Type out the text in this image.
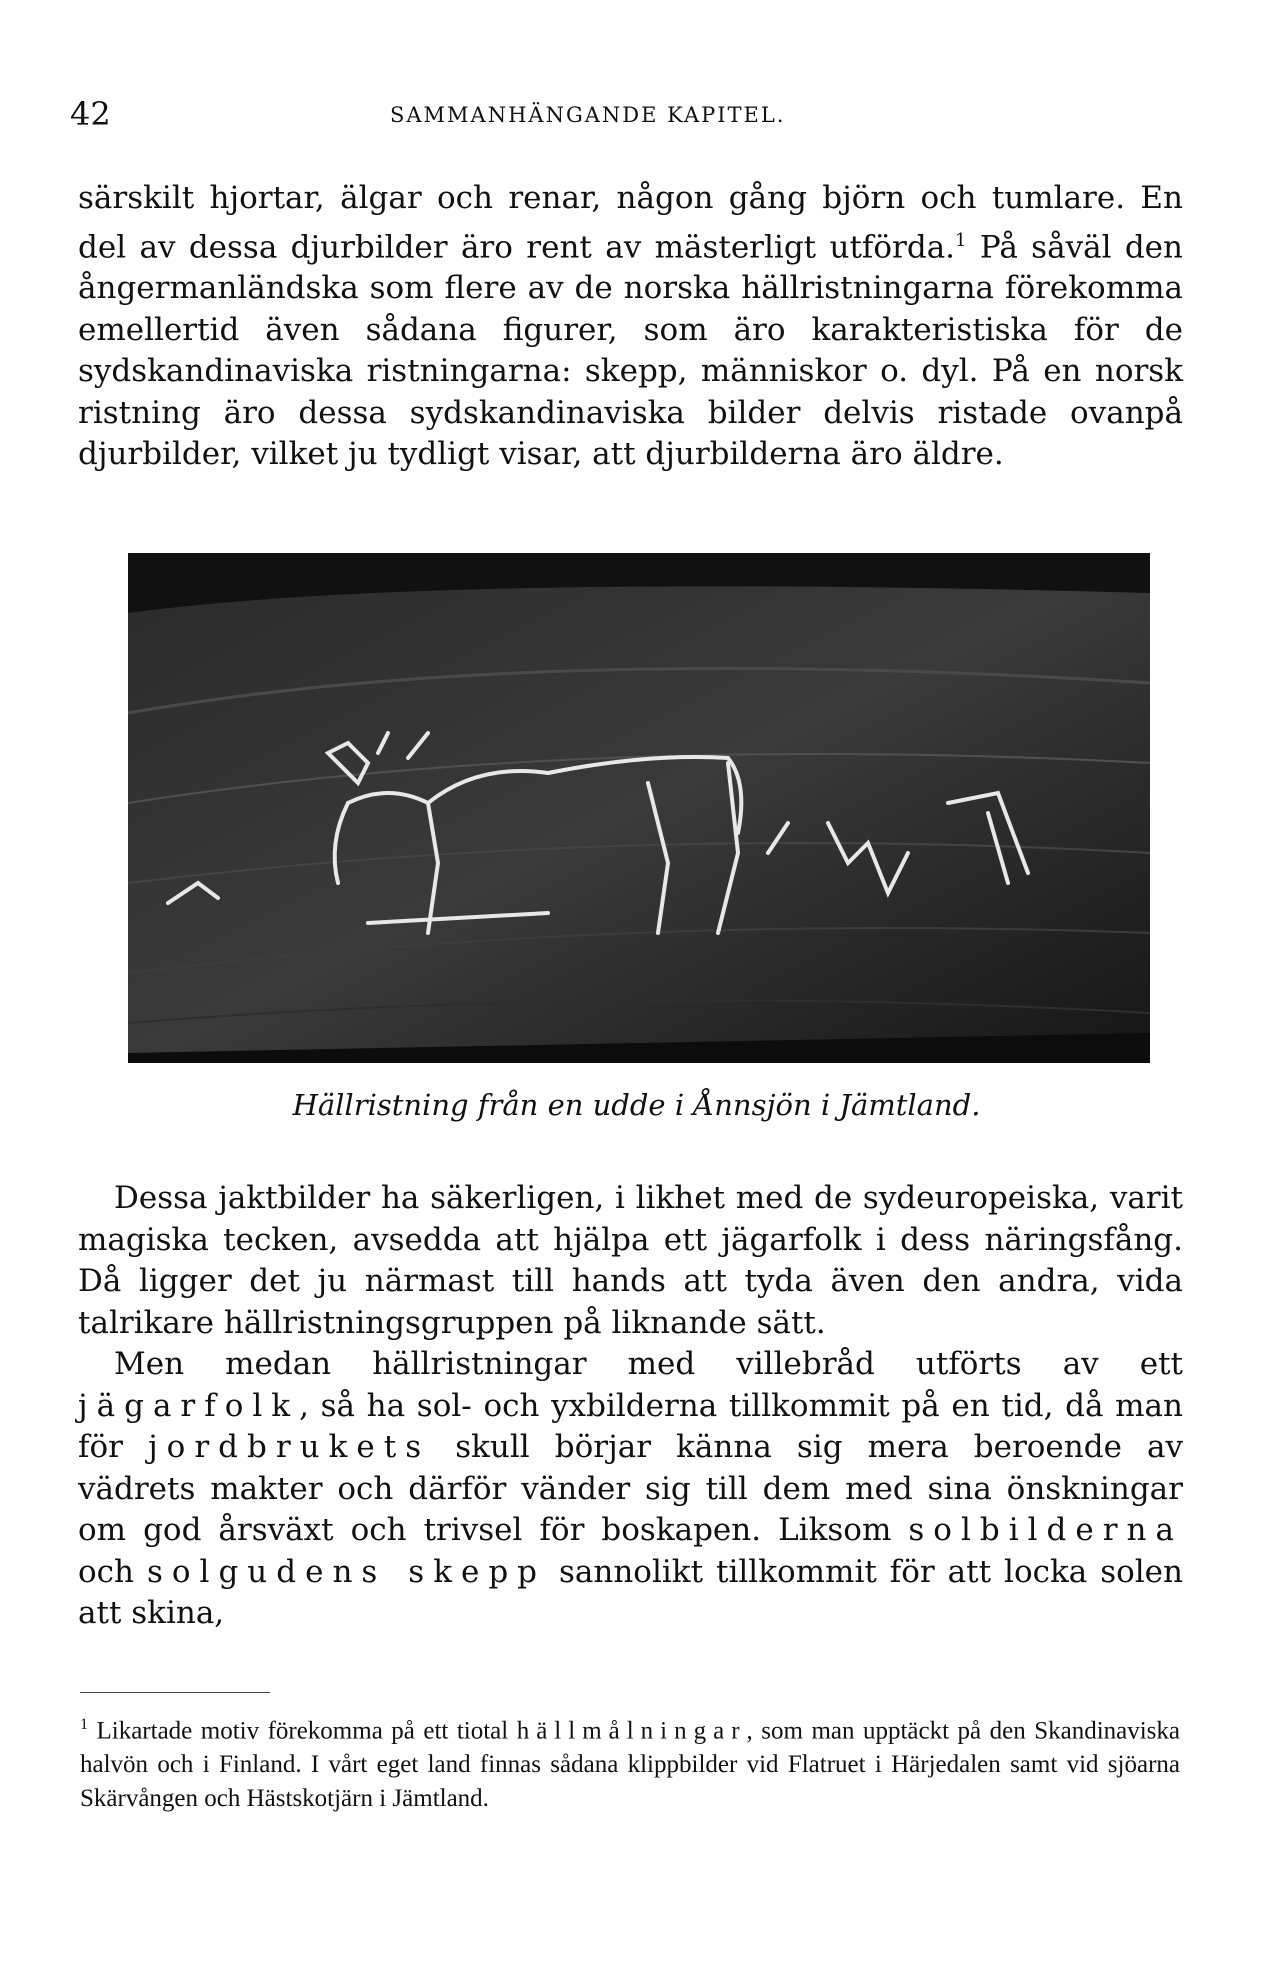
42	SAMMANHÄNGANDE KAPITEL.

särskilt hjortar, älgar och renar, någon gång björn och tumlare. En del av dessa djurbilder äro rent av mästerligt utförda.$^1$ På såväl den ångermanländska som flere av de norska hällristningarna förekomma emellertid även sådana figurer, som äro karakteristiska för de sydskandinaviska ristningarna: skepp, människor o. dyl. På en norsk ristning äro dessa sydskandinaviska bilder delvis ristade ovanpå djurbilder, vilket ju tydligt visar, att djurbilderna äro äldre.

Hällristning från en udde i Ånnsjön i Jämtland.

Dessa jaktbilder ha säkerligen, i likhet med de sydeuropeiska, varit magiska tecken, avsedda att hjälpa ett jägarfolk i dess näringsfång. Då ligger det ju närmast till hands att tyda även den andra, vida talrikare hällristningsgruppen på liknande sätt.

Men medan hällristningar med villebråd utförts av ett jägarfolk, så ha sol- och yxbilderna tillkommit på en tid, då man för jordbrukets skull börjar känna sig mera beroende av vädrets makter och därför vänder sig till dem med sina önskningar om god årsväxt och trivsel för boskapen. Liksom solbilderna och solgudens skepp sannolikt tillkommit för att locka solen att skina,

$^1$ Likartade motiv förekomma på ett tiotal hällmålningar, som man upptäckt på den Skandinaviska halvön och i Finland. I vårt eget land finnas sådana klippbilder vid Flatruet i Härjedalen samt vid sjöarna Skärvången och Hästskotjärn i Jämtland.
